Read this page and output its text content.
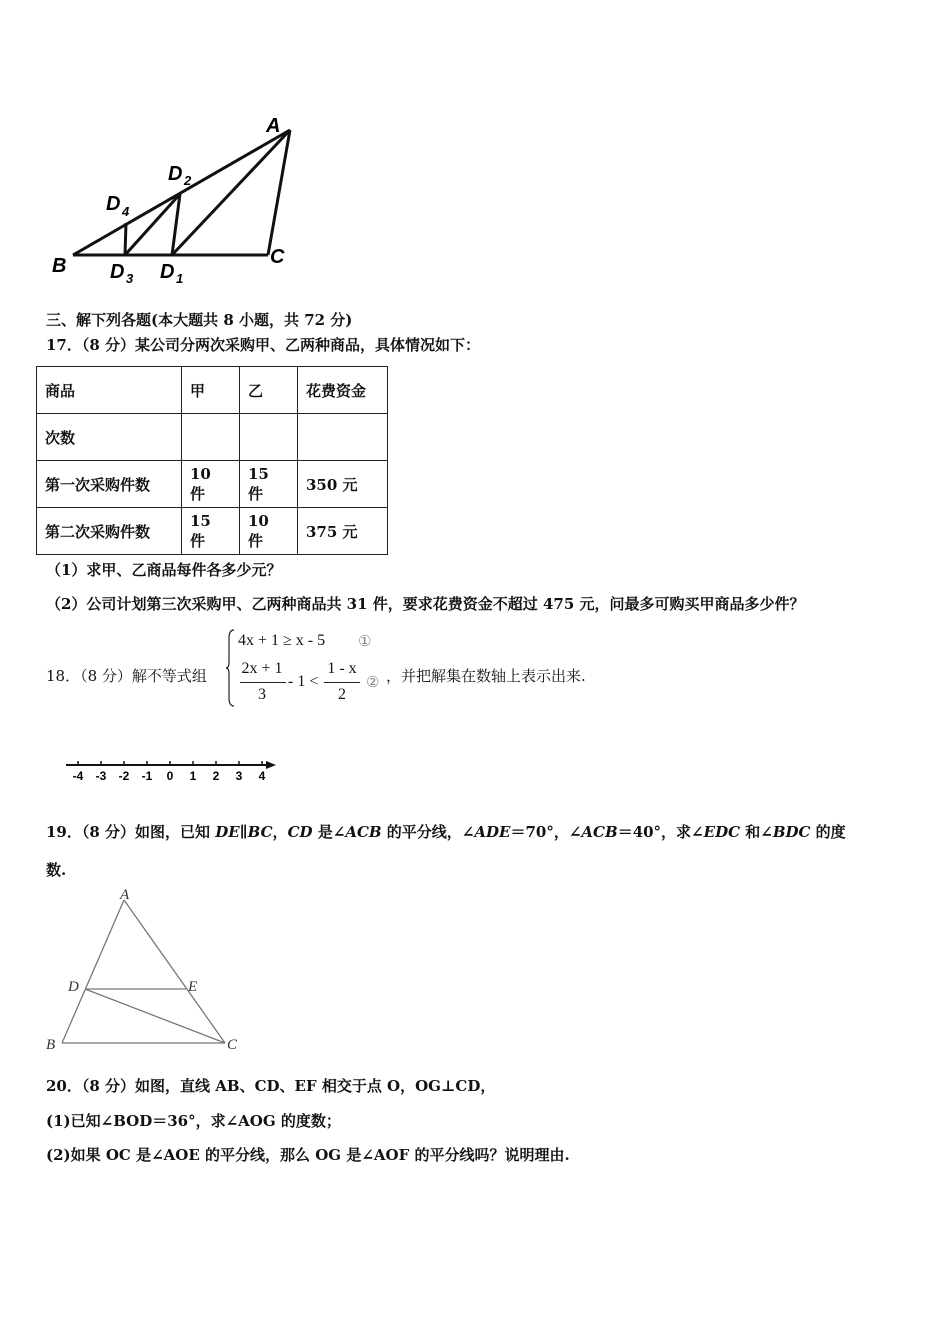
A
B	C
D 1
D 2
D 3
D 4
三、解下列各题(本大题共 8 小题，共 72 分)
17．（8 分）某公司分两次采购甲、乙两种商品，具体情况如下：
商品	甲	乙	花费资金
次数			
第一次采购件数	10 件	15 件	350 元
第二次采购件数	15 件	10 件	375 元
（1）求甲、乙商品每件各多少元？
（2）公司计划第三次采购甲、乙两种商品共 31 件，要求花费资金不超过 475 元，问最多可购买甲商品多少件？
18．（8 分）解不等式组
4x + 1 ≥ x - 5 ①
2x + 1
3
- 1 <
1 - x
2
② ，并把解集在数轴上表示出来.
-4 -3 -2 -1 0 1 2 3 4
19．（8 分）如图，已知 DE∥BC，CD 是∠ACB 的平分线，∠ADE＝70°，∠ACB＝40°，求∠EDC 和∠BDC 的度
数.
A
B	C
D	E
20．（8 分）如图，直线 AB、CD、EF 相交于点 O，OG⊥CD，
(1)已知∠BOD＝36°，求∠AOG 的度数；
(2)如果 OC 是∠AOE 的平分线，那么 OG 是∠AOF 的平分线吗？说明理由.
